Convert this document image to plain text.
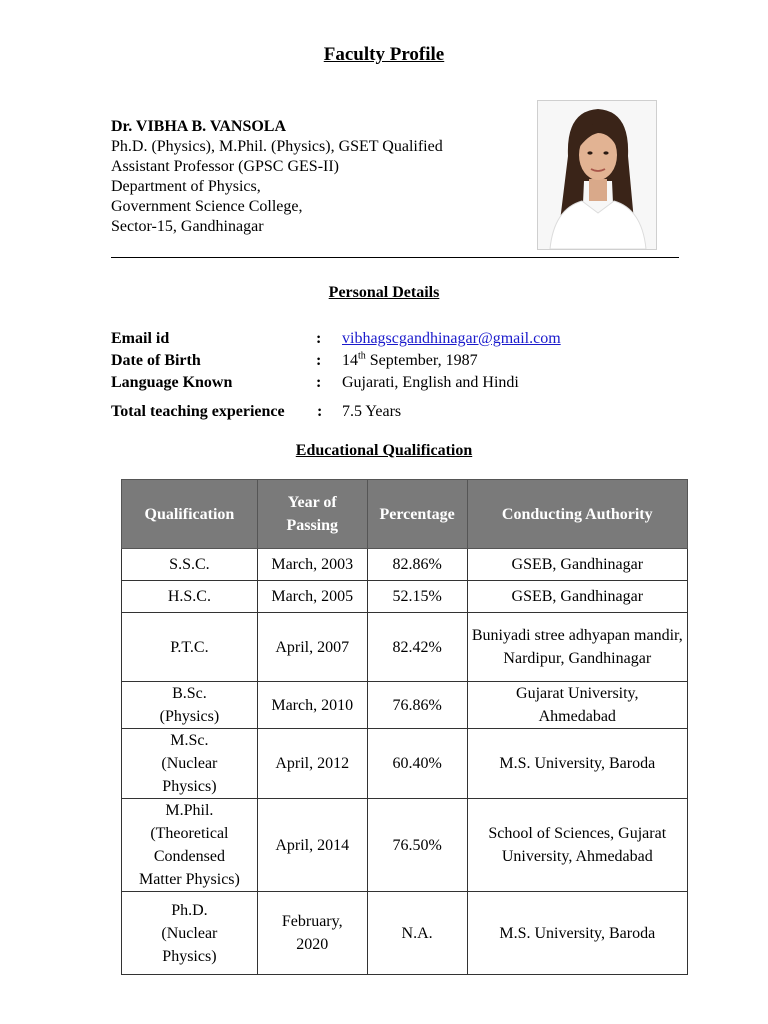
Faculty Profile
Dr. VIBHA B. VANSOLA
Ph.D. (Physics), M.Phil. (Physics), GSET Qualified
Assistant Professor (GPSC GES-II)
Department of Physics,
Government Science College,
Sector-15, Gandhinagar
Personal Details
Email id	: vibhagscgandhinagar@gmail.com
Date of Birth	: 14th September, 1987
Language Known	: Gujarati, English and Hindi
Total teaching experience : 7.5 Years
Educational Qualification
Qualification	Year of Passing	Percentage	Conducting Authority
S.S.C.	March, 2003	82.86%	GSEB, Gandhinagar
H.S.C.	March, 2005	52.15%	GSEB, Gandhinagar
P.T.C.	April, 2007	82.42%	Buniyadi stree adhyapan mandir,
Nardipur, Gandhinagar
B.Sc.
(Physics)	March, 2010	76.86%	Gujarat University,
Ahmedabad
M.Sc.
(Nuclear
Physics)	April, 2012	60.40%	M.S. University, Baroda
M.Phil.
(Theoretical
Condensed
Matter Physics)	April, 2014	76.50%	School of Sciences, Gujarat
University, Ahmedabad
Ph.D.
(Nuclear
Physics)	February,
2020	N.A.	M.S. University, Baroda
